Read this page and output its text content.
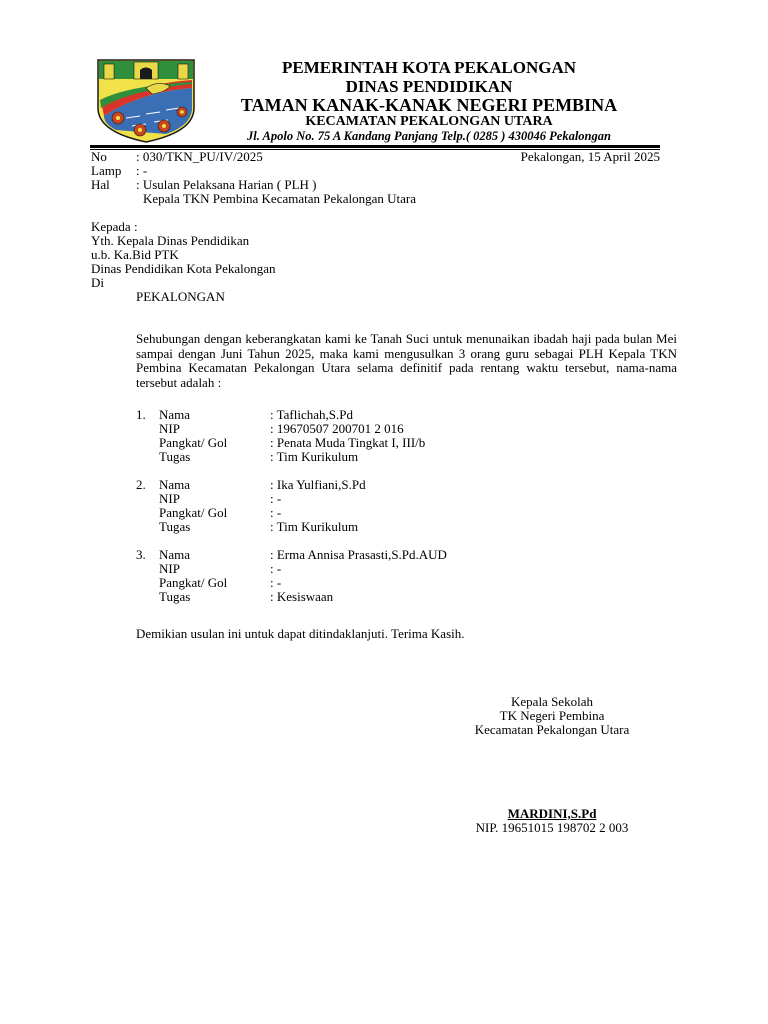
PEMERINTAH KOTA PEKALONGAN
DINAS PENDIDIKAN
TAMAN KANAK-KANAK NEGERI PEMBINA
KECAMATAN PEKALONGAN UTARA
Jl. Apolo No. 75 A Kandang Panjang Telp.( 0285 ) 430046 Pekalongan
No : 030/TKN_PU/IV/2025	Pekalongan, 15 April 2025
Lamp : -
Hal : Usulan Pelaksana Harian ( PLH )
Kepala TKN Pembina Kecamatan Pekalongan Utara
Kepada :
Yth. Kepala Dinas Pendidikan
u.b. Ka.Bid PTK
Dinas Pendidikan Kota Pekalongan
Di
PEKALONGAN
Sehubungan dengan keberangkatan kami ke Tanah Suci untuk menunaikan ibadah haji pada bulan Mei sampai dengan Juni Tahun 2025, maka kami mengusulkan 3 orang guru sebagai PLH Kepala TKN Pembina Kecamatan Pekalongan Utara selama definitif pada rentang waktu tersebut, nama-nama tersebut adalah :
1. Nama	: Taflichah,S.Pd
NIP	: 19670507 200701 2 016
Pangkat/ Gol	: Penata Muda Tingkat I, III/b
Tugas	: Tim Kurikulum
2. Nama	: Ika Yulfiani,S.Pd
NIP	: -
Pangkat/ Gol	: -
Tugas	: Tim Kurikulum
3. Nama	: Erma Annisa Prasasti,S.Pd.AUD
NIP	: -
Pangkat/ Gol	: -
Tugas	: Kesiswaan
Demikian usulan ini untuk dapat ditindaklanjuti. Terima Kasih.
Kepala Sekolah
TK Negeri Pembina
Kecamatan Pekalongan Utara
MARDINI,S.Pd
NIP. 19651015 198702 2 003
